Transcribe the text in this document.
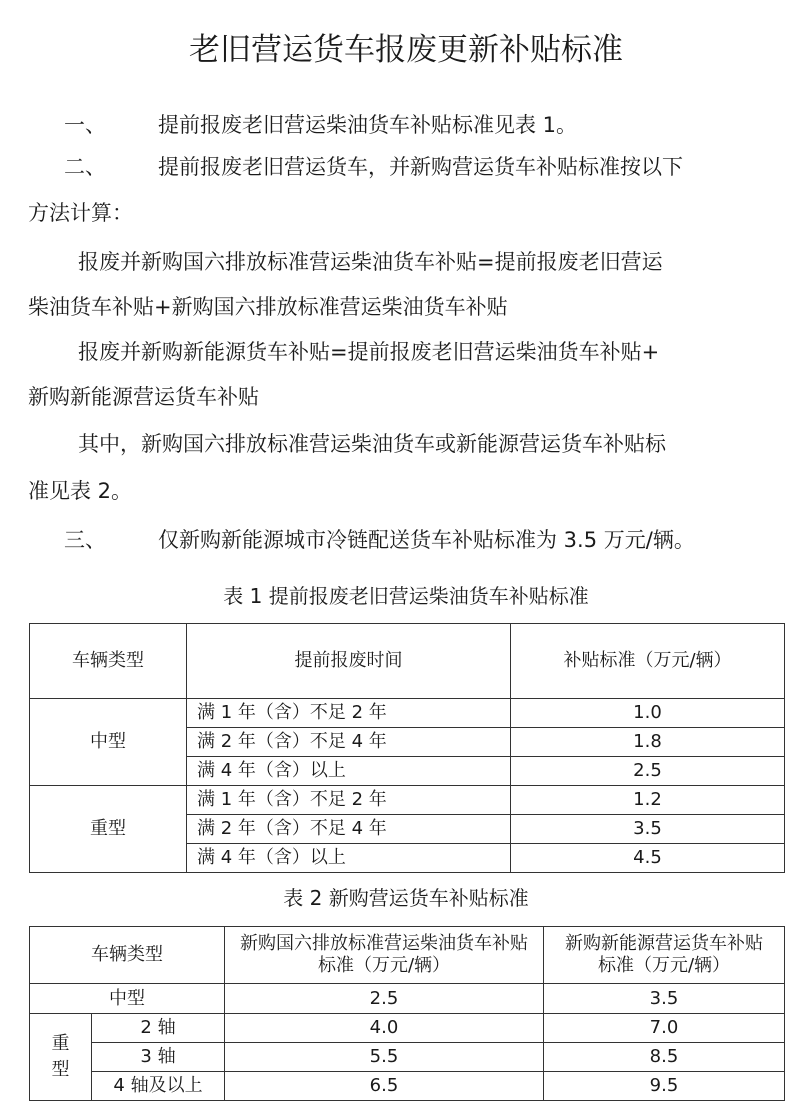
老旧营运货车报废更新补贴标准
一、 提前报废老旧营运柴油货车补贴标准见表 1。
二、 提前报废老旧营运货车，并新购营运货车补贴标准按以下
方法计算：
报废并新购国六排放标准营运柴油货车补贴=提前报废老旧营运
柴油货车补贴+新购国六排放标准营运柴油货车补贴
报废并新购新能源货车补贴=提前报废老旧营运柴油货车补贴+
新购新能源营运货车补贴
其中，新购国六排放标准营运柴油货车或新能源营运货车补贴标
准见表 2。
三、 仅新购新能源城市冷链配送货车补贴标准为 3.5 万元/辆。
表 1 提前报废老旧营运柴油货车补贴标准
车辆类型	提前报废时间	补贴标准（万元/辆）
中型	满 1 年（含）不足 2 年	1.0
	满 2 年（含）不足 4 年	1.8
	满 4 年（含）以上	2.5
重型	满 1 年（含）不足 2 年	1.2
	满 2 年（含）不足 4 年	3.5
	满 4 年（含）以上	4.5
表 2 新购营运货车补贴标准
车辆类型		新购国六排放标准营运柴油货车补贴标准（万元/辆）	新购新能源营运货车补贴标准（万元/辆）
中型		2.5	3.5
重型	2 轴	4.0	7.0
	3 轴	5.5	8.5
	4 轴及以上	6.5	9.5
